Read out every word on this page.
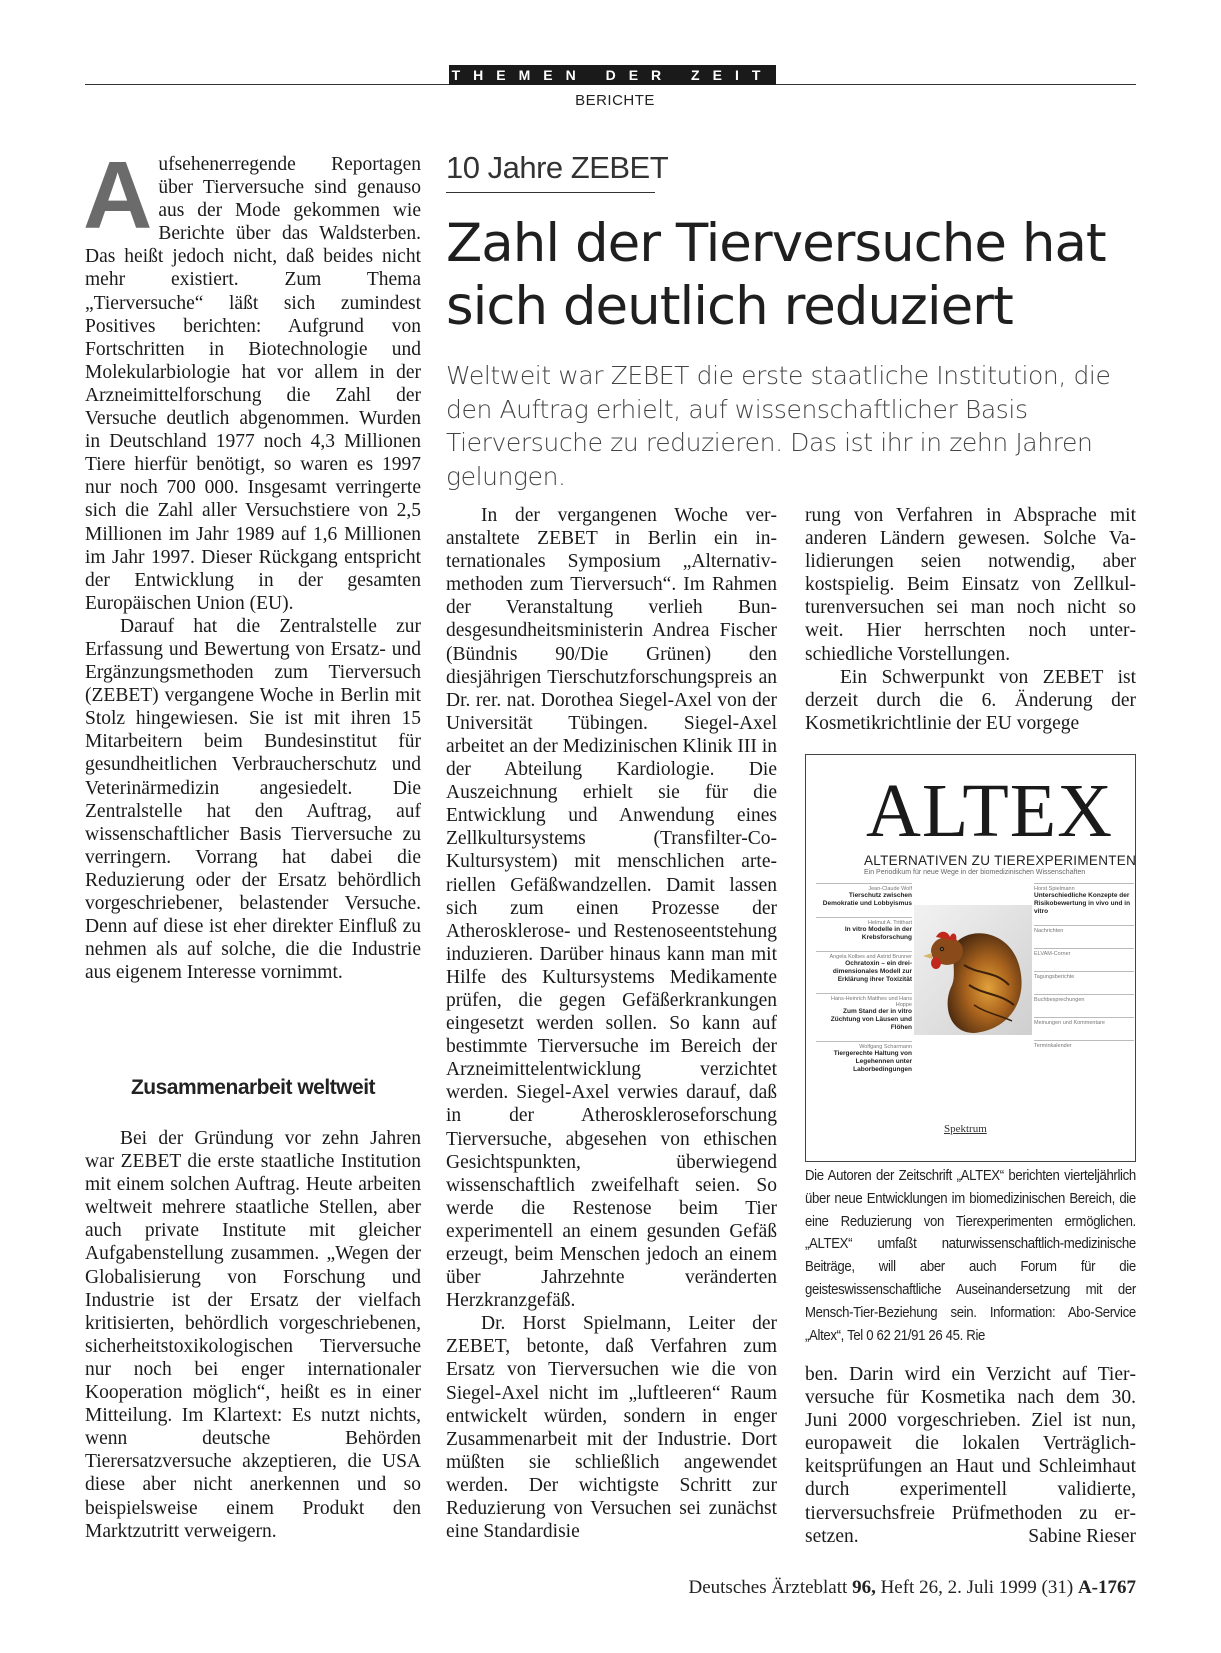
THEMEN DER ZEIT
BERICHTE
A ufsehenerregende Reportagen über Tierversuche sind genauso aus der Mode gekommen wie Berichte über das Waldsterben. Das heißt jedoch nicht, daß beides nicht mehr existiert. Zum Thema „Tierversuche“ läßt sich zumindest Positives berichten: Aufgrund von Fortschritten in Biotechnologie und Molekularbiologie hat vor allem in der Arzneimittelforschung die Zahl der Versuche deutlich abgenommen. Wurden in Deutschland 1977 noch 4,3 Millionen Tiere hierfür benötigt, so waren es 1997 nur noch 700 000. Insgesamt verringerte sich die Zahl aller Versuchstiere von 2,5 Millionen im Jahr 1989 auf 1,6 Millionen im Jahr 1997. Dieser Rückgang entspricht der Entwicklung in der gesamten Europäischen Union (EU).

Darauf hat die Zentralstelle zur Erfassung und Bewertung von Ersatz- und Ergänzungsmethoden zum Tierversuch (ZEBET) vergangene Woche in Berlin mit Stolz hingewiesen. Sie ist mit ihren 15 Mitarbeitern beim Bundesinstitut für gesundheitlichen Verbraucherschutz und Veterinärmedizin angesiedelt. Die Zentralstelle hat den Auftrag, auf wissenschaftlicher Basis Tierversuche zu verringern. Vorrang hat dabei die Reduzierung oder der Ersatz behördlich vorgeschriebener, belastender Versuche. Denn auf diese ist eher direkter Einfluß zu nehmen als auf solche, die die Industrie aus eigenem Interesse vornimmt.

Zusammenarbeit weltweit

Bei der Gründung vor zehn Jahren war ZEBET die erste staatliche Institution mit einem solchen Auftrag. Heute arbeiten weltweit mehrere staatliche Stellen, aber auch private Institute mit gleicher Aufgabenstellung zusammen. „Wegen der Globalisierung von Forschung und Industrie ist der Ersatz der vielfach kritisierten, behördlich vorgeschriebenen, sicherheitstoxikologischen Tierversuche nur noch bei enger internationaler Kooperation möglich“, heißt es in einer Mitteilung. Im Klartext: Es nutzt nichts, wenn deutsche Behörden Tierersatzversuche akzeptieren, die USA diese aber nicht anerkennen und so beispielsweise einem Produkt den Marktzutritt verweigern.

10 Jahre ZEBET
Zahl der Tierversuche hat
sich deutlich reduziert
Weltweit war ZEBET die erste staatliche Institution, die den Auftrag erhielt, auf wissenschaftlicher Basis Tierversuche zu reduzieren. Das ist ihr in zehn Jahren gelungen.

In der vergangenen Woche veranstaltete ZEBET in Berlin ein internationales Symposium „Alternativmethoden zum Tierversuch“. Im Rahmen der Veranstaltung verlieh Bundesgesundheitsministerin Andrea Fischer (Bündnis 90/Die Grünen) den diesjährigen Tierschutzforschungspreis an Dr. rer. nat. Dorothea Siegel-Axel von der Universität Tübingen. Siegel-Axel arbeitet an der Medizinischen Klinik III in der Abteilung Kardiologie. Die Auszeichnung erhielt sie für die Entwicklung und Anwendung eines Zellkultursystems (Transfilter-Co-Kultursystem) mit menschlichen arteriellen Gefäßwandzellen. Damit lassen sich zum einen Prozesse der Atherosklerose- und Restenoseentstehung induzieren. Darüber hinaus kann man mit Hilfe des Kultursystems Medikamente prüfen, die gegen Gefäßerkrankungen eingesetzt werden sollen. So kann auf bestimmte Tierversuche im Bereich der Arzneimittelentwicklung verzichtet werden. Siegel-Axel verwies darauf, daß in der Atheroskleroseforschung Tierversuche, abgesehen von ethischen Gesichtspunkten, überwiegend wissenschaftlich zweifelhaft seien. So werde die Restenose beim Tier experimentell an einem gesunden Gefäß erzeugt, beim Menschen jedoch an einem über Jahrzehnte veränderten Herzkranzgefäß.

Dr. Horst Spielmann, Leiter der ZEBET, betonte, daß Verfahren zum Ersatz von Tierversuchen wie die von Siegel-Axel nicht im „luftleeren“ Raum entwickelt würden, sondern in enger Zusammenarbeit mit der Industrie. Dort müßten sie schließlich angewendet werden. Der wichtigste Schritt zur Reduzierung von Versuchen sei zunächst eine Standardisie

rung von Verfahren in Absprache mit anderen Ländern gewesen. Solche Validierungen seien notwendig, aber kostspielig. Beim Einsatz von Zellkulturenversuchen sei man noch nicht so weit. Hier herrschten noch unterschiedliche Vorstellungen.

Ein Schwerpunkt von ZEBET ist derzeit durch die 6. Änderung der Kosmetikrichtlinie der EU vorgege

ALTEX
ALTERNATIVEN ZU TIEREXPERIMENTEN
Ein Periodikum für neue Wege in der biomedizinischen Wissenschaften
Jean-Claude Wolf
Tierschutz zwischen Demokratie und Lobbyismus
Helmut A. Tritthart
In vitro Modelle in der Krebsforschung
Angela Kolbes and Astrid Brunner
Ochratoxin – ein drei-dimensionales Modell zur Erklärung ihrer Toxizität
Hans-Heinrich Matthes und Hans Hoppe
Zum Stand der in vitro Züchtung von Läusen und Flöhen
Wolfgang Scharmann
Tiergerechte Haltung von Legehennen unter Laborbedingungen
Horst Spielmann
Unterschiedliche Konzepte der Risikobewertung in vivo und in vitro
Nachrichten
ELVAM-Corner
Tagungsberichte
Buchbesprechungen
Meinungen und Kommentare
Terminkalender
Spektrum
Die Autoren der Zeitschrift „ALTEX“ berichten vierteljährlich über neue Entwicklungen im biomedizinischen Bereich, die eine Reduzierung von Tierexperimenten ermöglichen. „ALTEX“ umfaßt naturwissenschaftlich-medizinische Beiträge, will aber auch Forum für die geisteswissenschaftliche Auseinandersetzung mit der Mensch-Tier-Beziehung sein. Information: Abo-Service „Altex“, Tel 0 62 21/91 26 45. Rie

ben. Darin wird ein Verzicht auf Tierversuche für Kosmetika nach dem 30. Juni 2000 vorgeschrieben. Ziel ist nun, europaweit die lokalen Verträglichkeitsprüfungen an Haut und Schleimhaut durch experimentell validierte, tierversuchsfreie Prüfmethoden zu ersetzen.	Sabine Rieser

Deutsches Ärzteblatt 96, Heft 26, 2. Juli 1999 (31) A-1767
